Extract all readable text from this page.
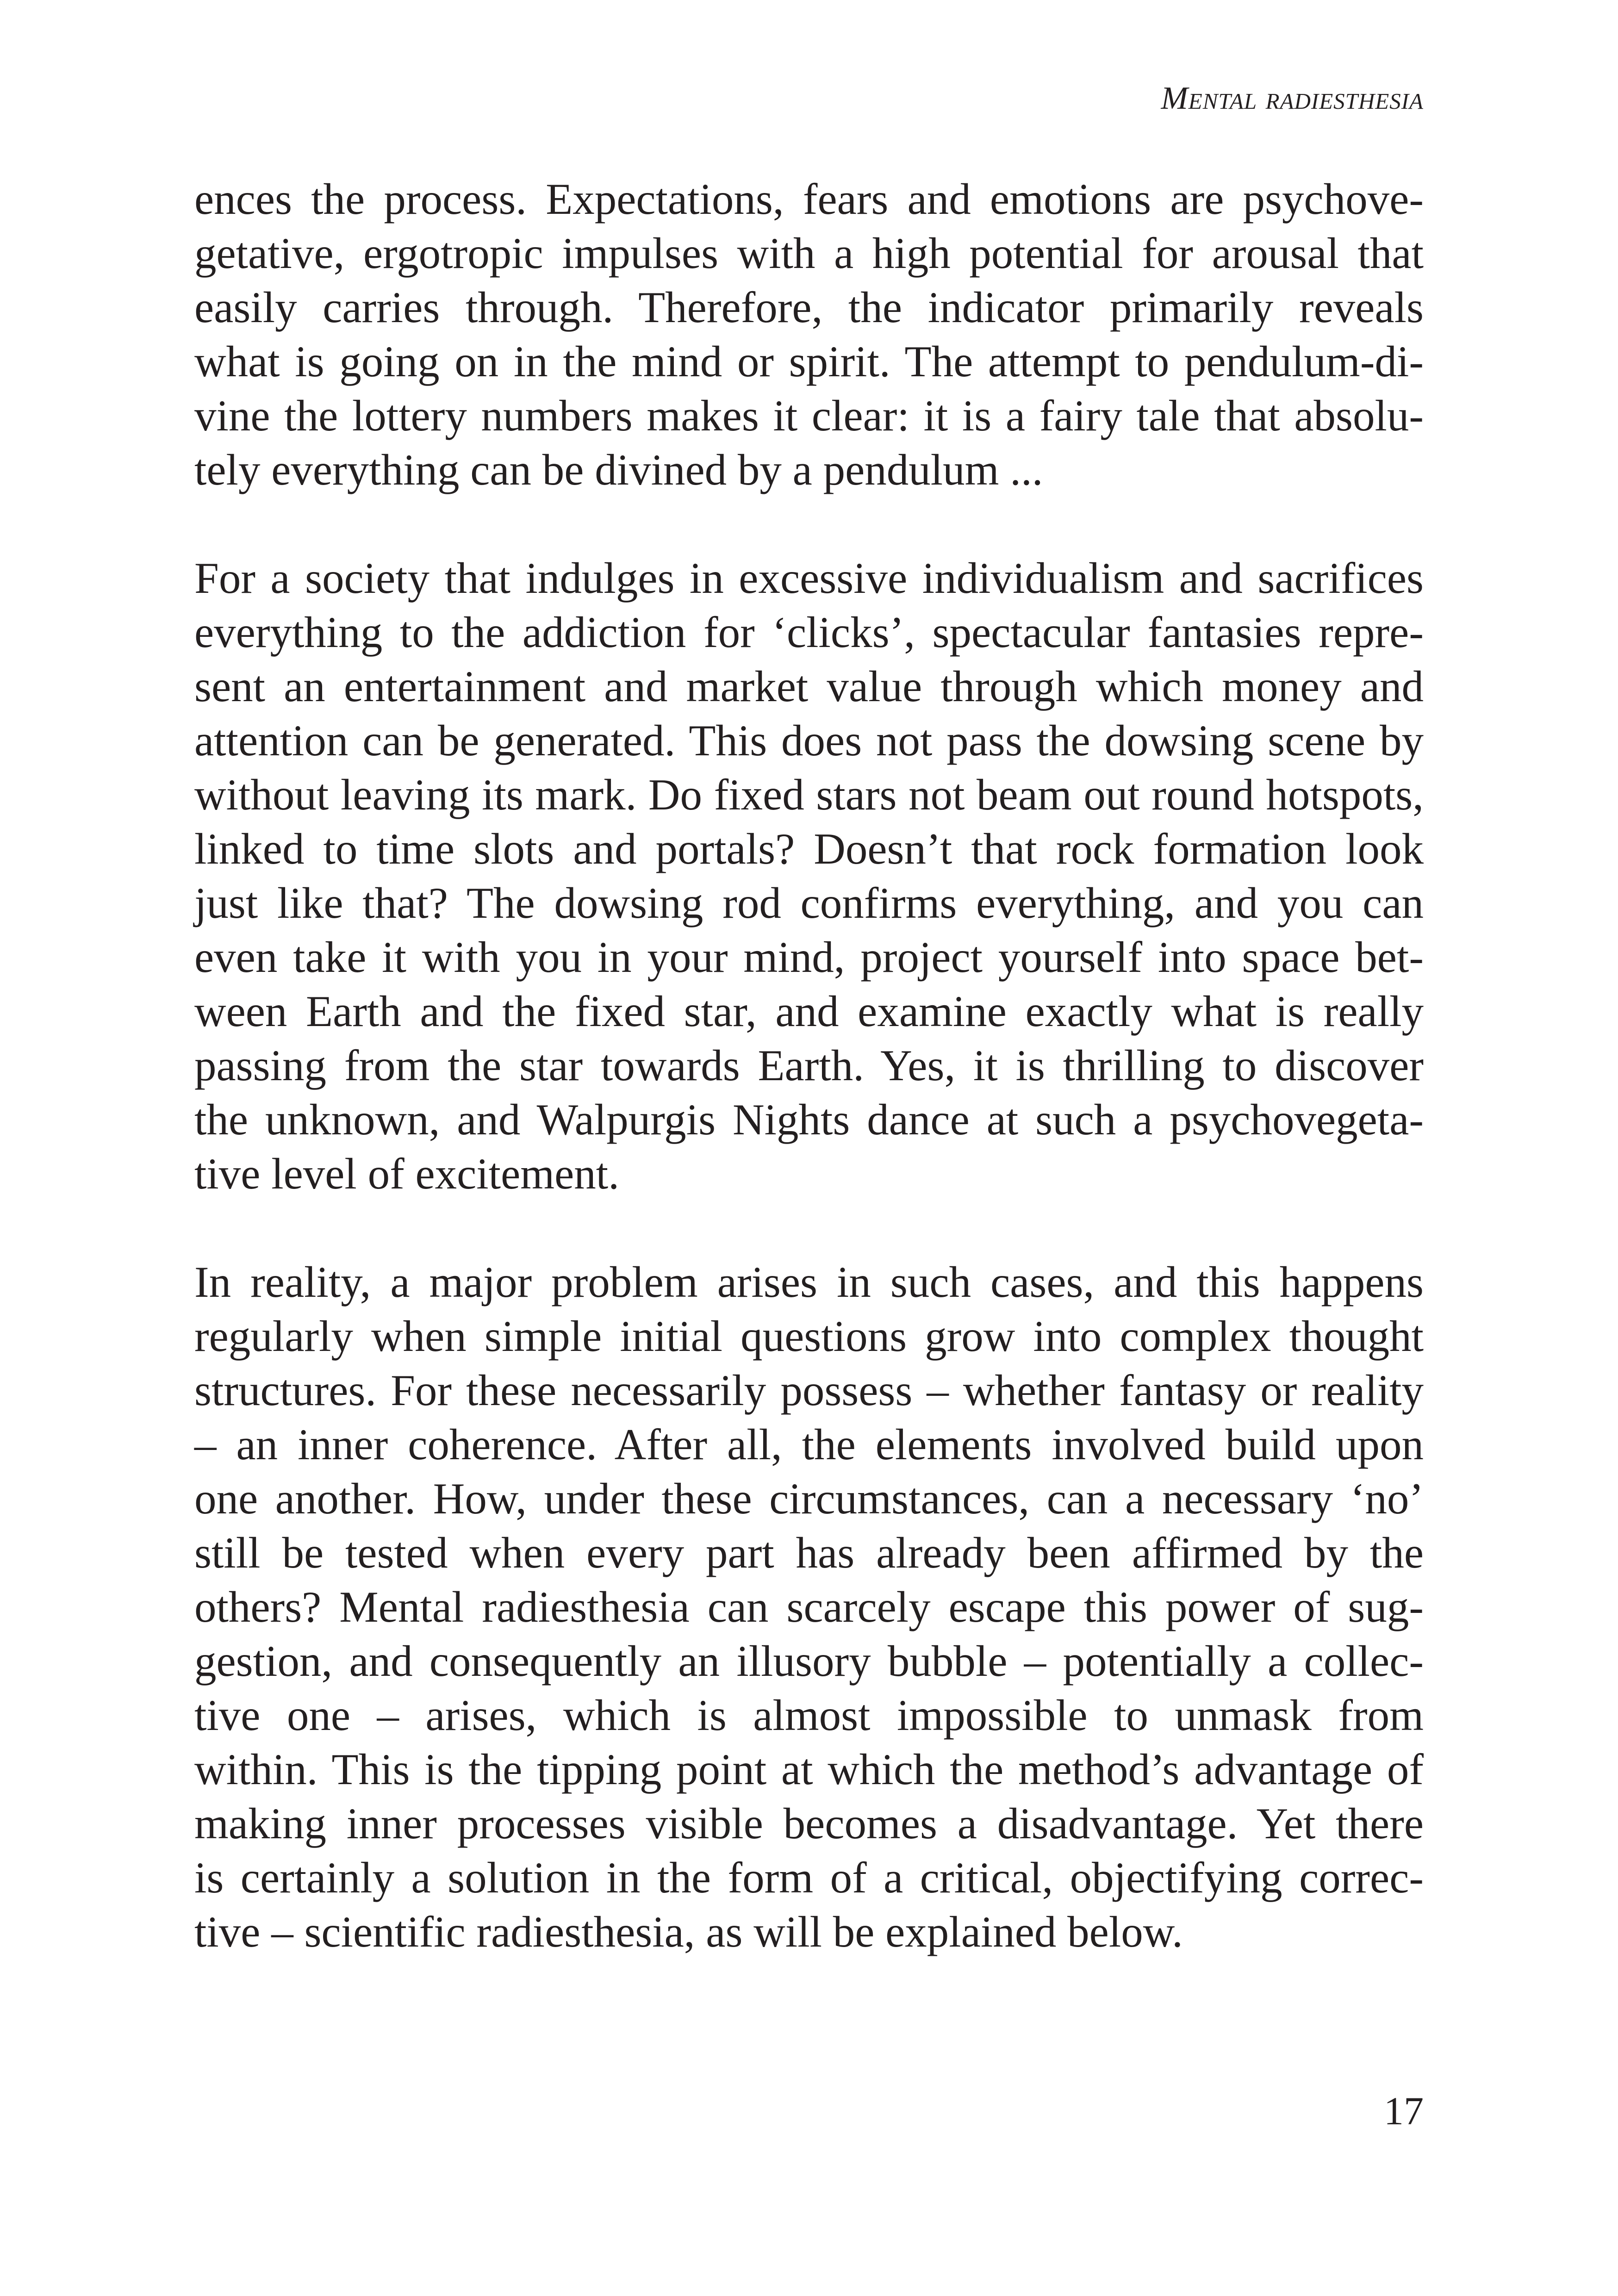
Mental radiesthesia
ences the process. Expectations, fears and emotions are psychove-
getative, ergotropic impulses with a high potential for arousal that
easily carries through. Therefore, the indicator primarily reveals
what is going on in the mind or spirit. The attempt to pendulum-di-
vine the lottery numbers makes it clear: it is a fairy tale that absolu-
tely everything can be divined by a pendulum ...
For a society that indulges in excessive individualism and sacrifices
everything to the addiction for ‘clicks’, spectacular fantasies repre-
sent an entertainment and market value through which money and
attention can be generated. This does not pass the dowsing scene by
without leaving its mark. Do fixed stars not beam out round hotspots,
linked to time slots and portals? Doesn’t that rock formation look
just like that? The dowsing rod confirms everything, and you can
even take it with you in your mind, project yourself into space bet-
ween Earth and the fixed star, and examine exactly what is really
passing from the star towards Earth. Yes, it is thrilling to discover
the unknown, and Walpurgis Nights dance at such a psychovegeta-
tive level of excitement.
In reality, a major problem arises in such cases, and this happens
regularly when simple initial questions grow into complex thought
structures. For these necessarily possess – whether fantasy or reality
– an inner coherence. After all, the elements involved build upon
one another. How, under these circumstances, can a necessary ‘no’
still be tested when every part has already been affirmed by the
others? Mental radiesthesia can scarcely escape this power of sug-
gestion, and consequently an illusory bubble – potentially a collec-
tive one – arises, which is almost impossible to unmask from
within. This is the tipping point at which the method’s advantage of
making inner processes visible becomes a disadvantage. Yet there
is certainly a solution in the form of a critical, objectifying correc-
tive – scientific radiesthesia, as will be explained below.
17
